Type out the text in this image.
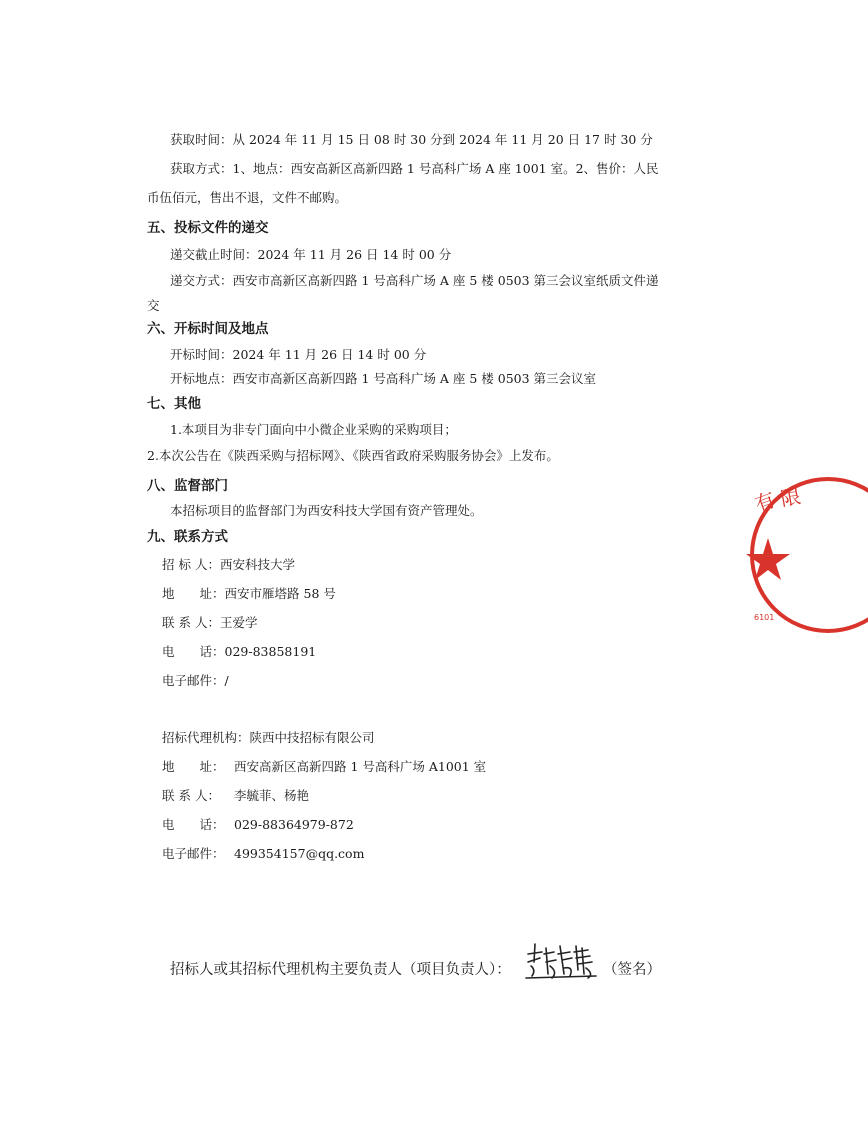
获取时间：从 2024 年 11 月 15 日 08 时 30 分到 2024 年 11 月 20 日 17 时 30 分
获取方式：1、地点：西安高新区高新四路 1 号高科广场 A 座 1001 室。2、售价：人民
币伍佰元，售出不退，文件不邮购。
五、投标文件的递交
递交截止时间：2024 年 11 月 26 日 14 时 00 分
递交方式：西安市高新区高新四路 1 号高科广场 A 座 5 楼 0503 第三会议室纸质文件递
交
六、开标时间及地点
开标时间：2024 年 11 月 26 日 14 时 00 分
开标地点：西安市高新区高新四路 1 号高科广场 A 座 5 楼 0503 第三会议室
七、其他
1.本项目为非专门面向中小微企业采购的采购项目；
2.本次公告在《陕西采购与招标网》、《陕西省政府采购服务协会》上发布。
八、监督部门
本招标项目的监督部门为西安科技大学国有资产管理处。
九、联系方式
招 标 人：西安科技大学
地　　址：西安市雁塔路 58 号
联 系 人：王爱学
电　　话：029-83858191
电子邮件：/
招标代理机构：陕西中技招标有限公司
地　　址： 西安高新区高新四路 1 号高科广场 A1001 室
联 系 人： 李毓菲、杨艳
电　　话： 029-88364979-872
电子邮件： 499354157@qq.com
招标人或其招标代理机构主要负责人（项目负责人）：	（签名）
有 限
6101
